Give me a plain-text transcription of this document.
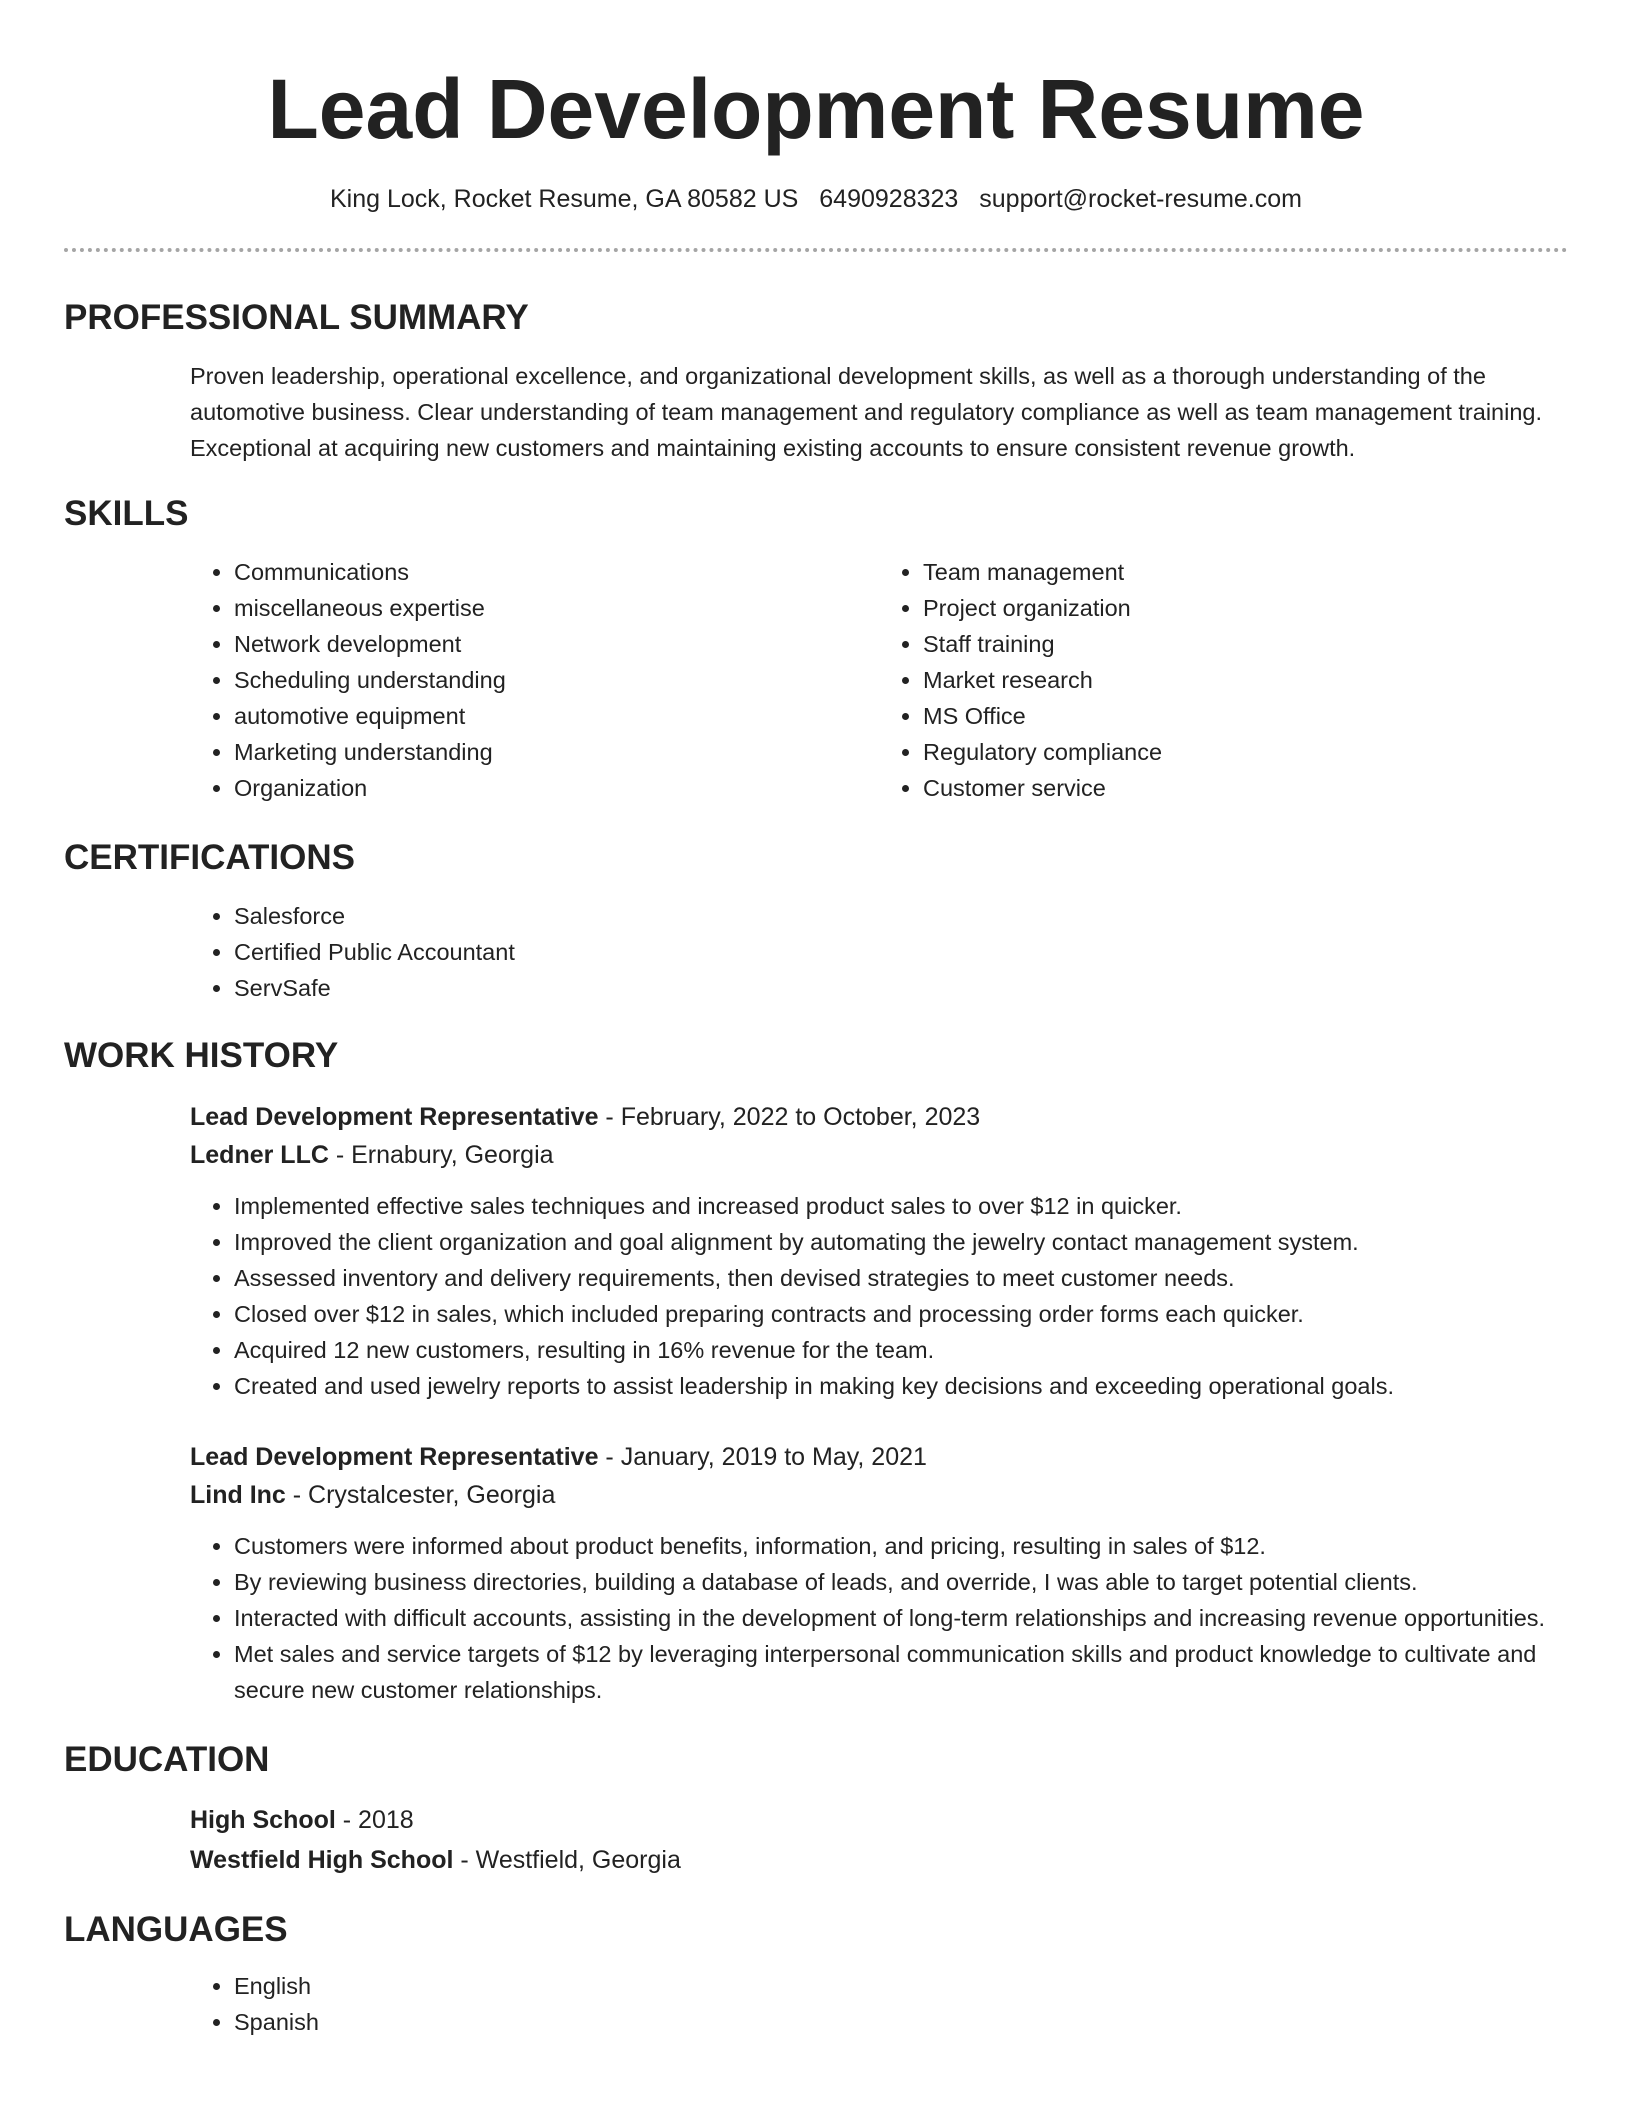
Lead Development Resume
King Lock, Rocket Resume, GA 80582 US 6490928323 support@rocket-resume.com
PROFESSIONAL SUMMARY
Proven leadership, operational excellence, and organizational development skills, as well as a thorough understanding of the automotive business. Clear understanding of team management and regulatory compliance as well as team management training. Exceptional at acquiring new customers and maintaining existing accounts to ensure consistent revenue growth.
SKILLS
• Communications
• miscellaneous expertise
• Network development
• Scheduling understanding
• automotive equipment
• Marketing understanding
• Organization
• Team management
• Project organization
• Staff training
• Market research
• MS Office
• Regulatory compliance
• Customer service
CERTIFICATIONS
• Salesforce
• Certified Public Accountant
• ServSafe
WORK HISTORY
Lead Development Representative - February, 2022 to October, 2023
Ledner LLC - Ernabury, Georgia
• Implemented effective sales techniques and increased product sales to over $12 in quicker.
• Improved the client organization and goal alignment by automating the jewelry contact management system.
• Assessed inventory and delivery requirements, then devised strategies to meet customer needs.
• Closed over $12 in sales, which included preparing contracts and processing order forms each quicker.
• Acquired 12 new customers, resulting in 16% revenue for the team.
• Created and used jewelry reports to assist leadership in making key decisions and exceeding operational goals.
Lead Development Representative - January, 2019 to May, 2021
Lind Inc - Crystalcester, Georgia
• Customers were informed about product benefits, information, and pricing, resulting in sales of $12.
• By reviewing business directories, building a database of leads, and override, I was able to target potential clients.
• Interacted with difficult accounts, assisting in the development of long-term relationships and increasing revenue opportunities.
• Met sales and service targets of $12 by leveraging interpersonal communication skills and product knowledge to cultivate and secure new customer relationships.
EDUCATION
High School - 2018
Westfield High School - Westfield, Georgia
LANGUAGES
• English
• Spanish
